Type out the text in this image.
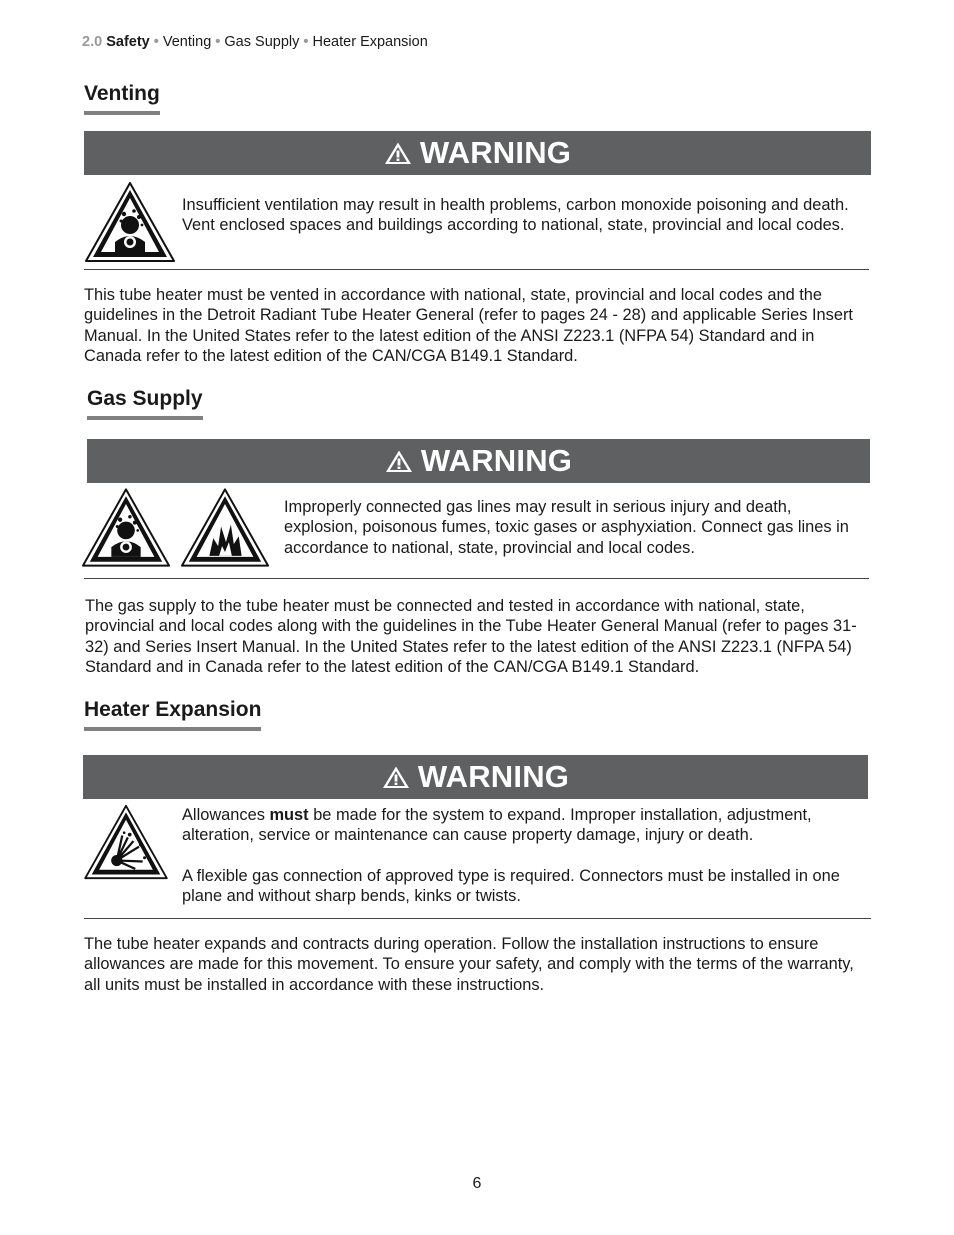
2.0 Safety • Venting • Gas Supply • Heater Expansion
Venting
WARNING
Insufficient ventilation may result in health problems, carbon monoxide poisoning and death. Vent enclosed spaces and buildings according to national, state, provincial and local codes.
This tube heater must be vented in accordance with national, state, provincial and local codes and the guidelines in the Detroit Radiant Tube Heater General (refer to pages 24 - 28) and applicable Series Insert Manual. In the United States refer to the latest edition of the ANSI Z223.1 (NFPA 54) Standard and in Canada refer to the latest edition of the CAN/CGA B149.1 Standard.
Gas Supply
WARNING
Improperly connected gas lines may result in serious injury and death, explosion, poisonous fumes, toxic gases or asphyxiation. Connect gas lines in accordance to national, state, provincial and local codes.
The gas supply to the tube heater must be connected and tested in accordance with national, state, provincial and local codes along with the guidelines in the Tube Heater General Manual (refer to pages 31-32) and Series Insert Manual. In the United States refer to the latest edition of the ANSI Z223.1 (NFPA 54) Standard and in Canada refer to the latest edition of the CAN/CGA B149.1 Standard.
Heater Expansion
WARNING

Allowances must be made for the system to expand. Improper installation, adjustment, alteration, service or maintenance can cause property damage, injury or death.

A flexible gas connection of approved type is required. Connectors must be installed in one plane and without sharp bends, kinks or twists.

The tube heater expands and contracts during operation. Follow the installation instructions to ensure allowances are made for this movement. To ensure your safety, and comply with the terms of the warranty, all units must be installed in accordance with these instructions.
6
